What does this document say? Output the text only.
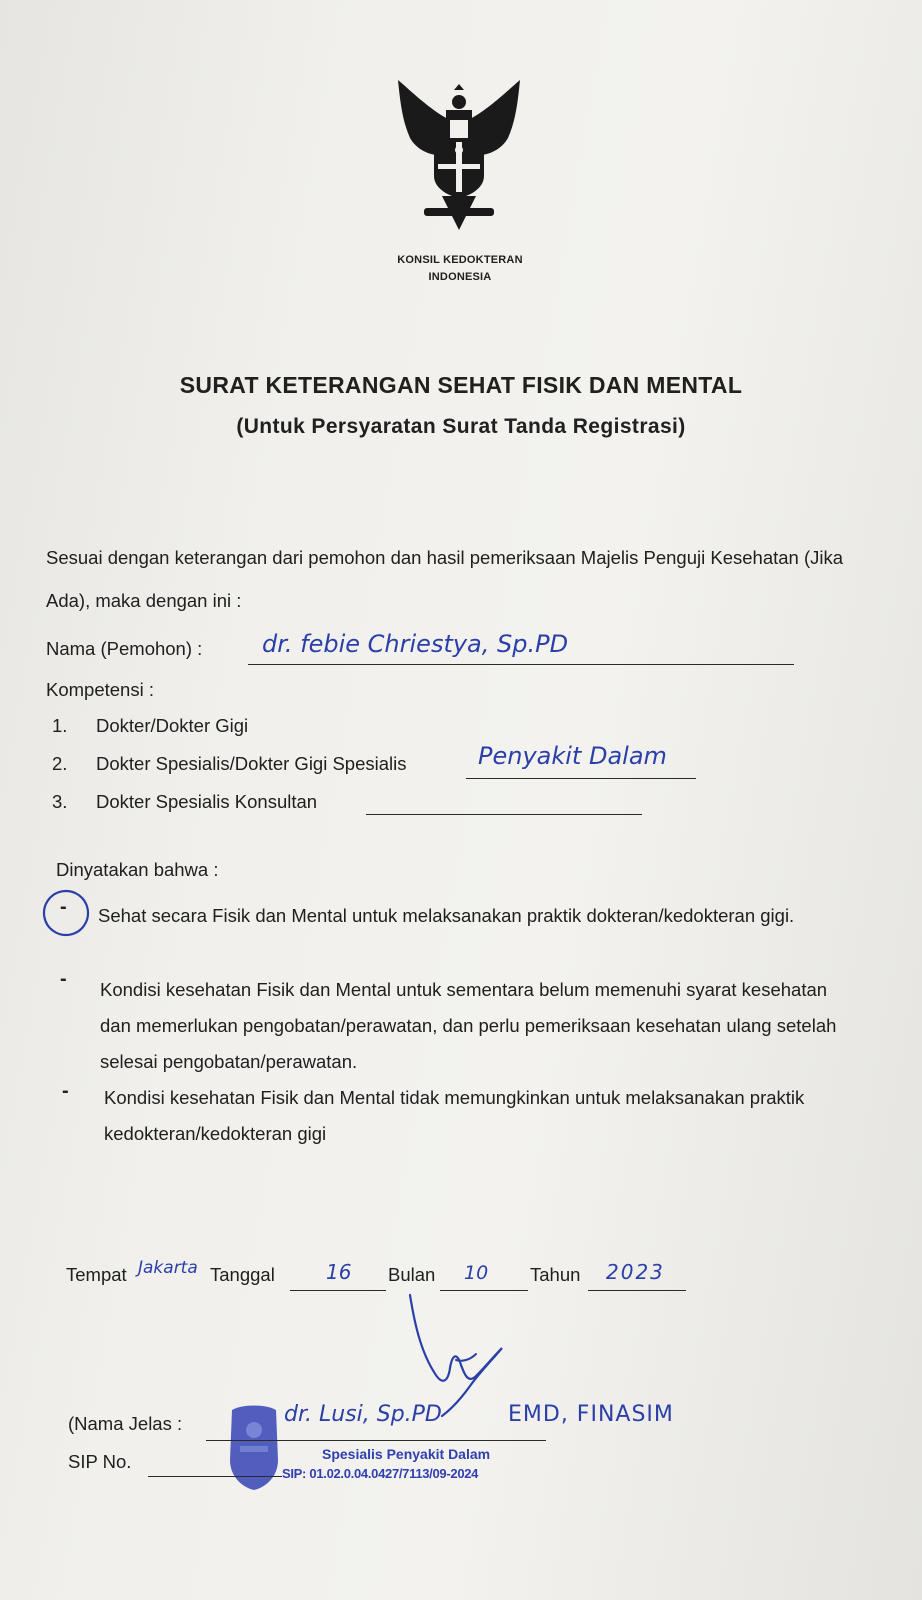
KONSIL KEDOKTERAN
INDONESIA
SURAT KETERANGAN SEHAT FISIK DAN MENTAL
(Untuk Persyaratan Surat Tanda Registrasi)
Sesuai dengan keterangan dari pemohon dan hasil pemeriksaan Majelis Penguji Kesehatan (Jika Ada), maka dengan ini :
Nama (Pemohon) : dr. febie Chriestya, Sp.PD
Kompetensi :
1. Dokter/Dokter Gigi
2. Dokter Spesialis/Dokter Gigi Spesialis	Penyakit Dalam
3. Dokter Spesialis Konsultan
Dinyatakan bahwa :
- Sehat secara Fisik dan Mental untuk melaksanakan praktik dokteran/kedokteran gigi.
- Kondisi kesehatan Fisik dan Mental untuk sementara belum memenuhi syarat kesehatan dan memerlukan pengobatan/perawatan, dan perlu pemeriksaan kesehatan ulang setelah selesai pengobatan/perawatan.
- Kondisi kesehatan Fisik dan Mental tidak memungkinkan untuk melaksanakan praktik kedokteran/kedokteran gigi
Tempat Jakarta Tanggal	16 Bulan 10 Tahun 2023
(Nama Jelas :	dr. Lusi, Sp.PD	EMD, FINASIM
SIP No.	Spesialis Penyakit Dalam
SIP: 01.02.0.04.0427/7113/09-2024
